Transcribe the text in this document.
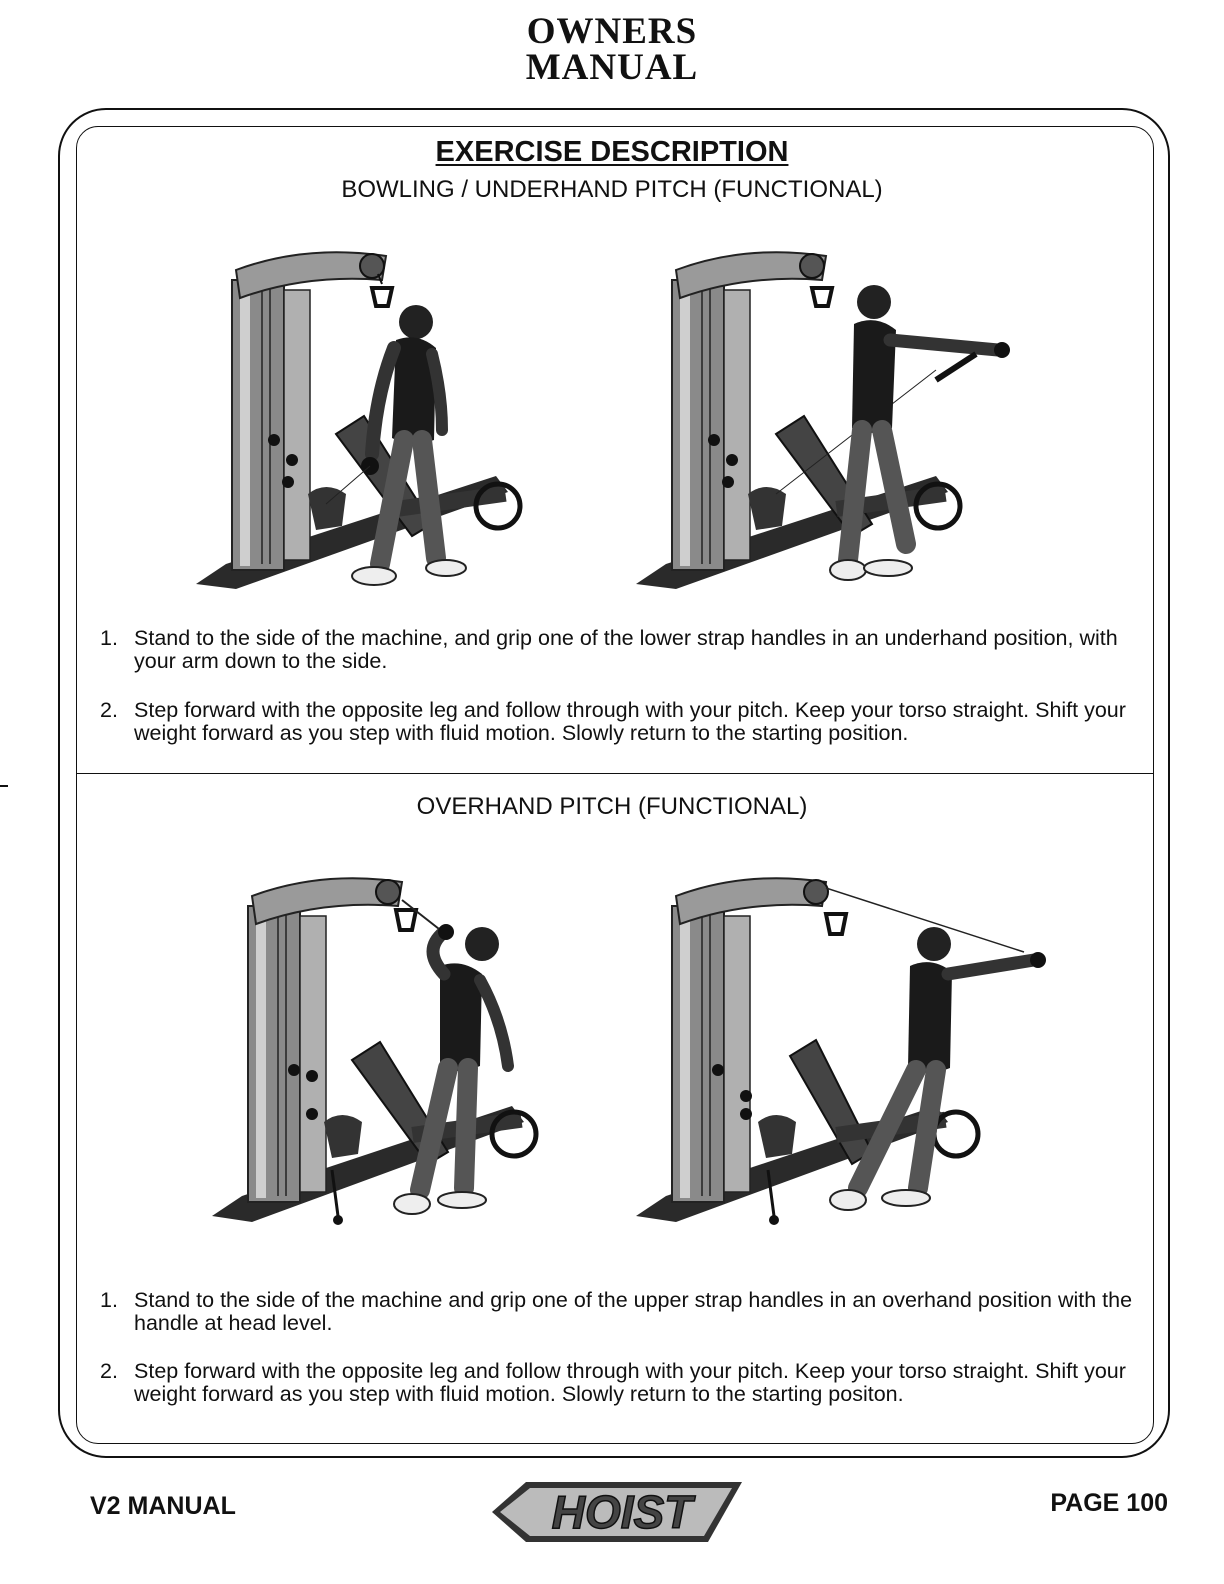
OWNERS
MANUAL
EXERCISE DESCRIPTION
BOWLING / UNDERHAND PITCH (FUNCTIONAL)
1. Stand to the side of the machine, and grip one of the lower strap handles in an underhand position, with your arm down to the side.
2. Step forward with the opposite leg and follow through with your pitch. Keep your torso straight. Shift your weight forward as you step with fluid motion. Slowly return to the starting position.
OVERHAND PITCH (FUNCTIONAL)
1. Stand to the side of the machine and grip one of the upper strap handles in an overhand position with the handle at head level.
2. Step forward with the opposite leg and follow through with your pitch. Keep your torso straight. Shift your weight forward as you step with fluid motion. Slowly return to the starting positon.
V2 MANUAL	HOIST	PAGE 100
